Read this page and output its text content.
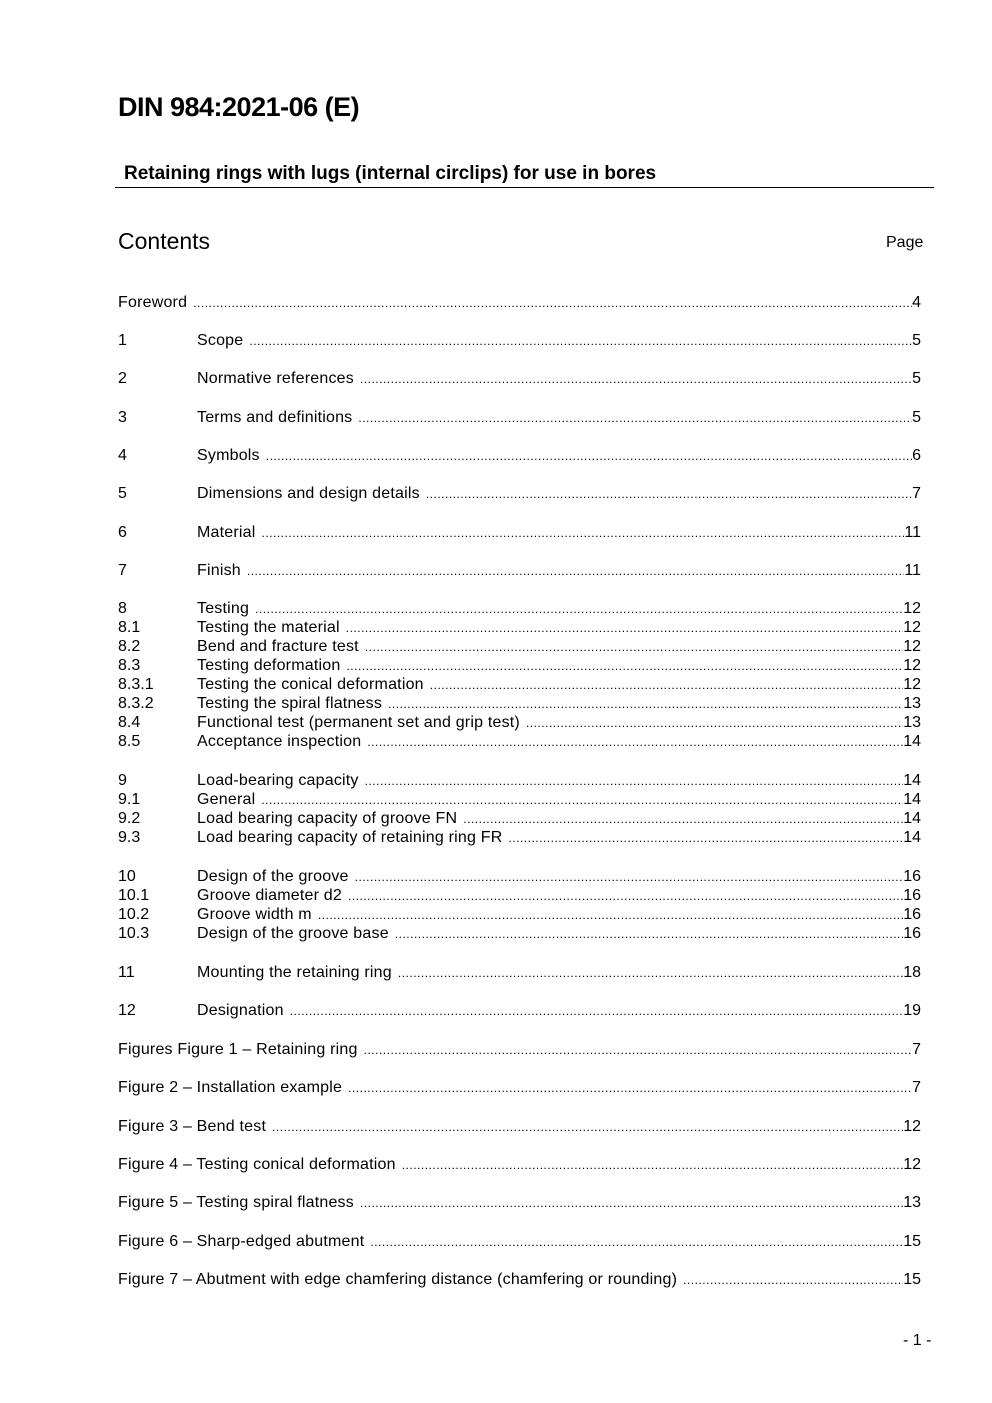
DIN 984:2021-06 (E)
Retaining rings with lugs (internal circlips) for use in bores
Contents	Page
Foreword .....	4
1	Scope .....	5
2	Normative references .....	5
3	Terms and definitions .....	5
4	Symbols .....	6
5	Dimensions and design details .....	7
6	Material .....	11
7	Finish .....	11
8	Testing .....	12
8.1	Testing the material .....	12
8.2	Bend and fracture test .....	12
8.3	Testing deformation .....	12
8.3.1	Testing the conical deformation .....	12
8.3.2	Testing the spiral flatness .....	13
8.4	Functional test (permanent set and grip test) .....	13
8.5	Acceptance inspection .....	14
9	Load-bearing capacity .....	14
9.1	General .....	14
9.2	Load bearing capacity of groove FN .....	14
9.3	Load bearing capacity of retaining ring FR .....	14
10	Design of the groove .....	16
10.1	Groove diameter d2 .....	16
10.2	Groove width m .....	16
10.3	Design of the groove base .....	16
11	Mounting the retaining ring .....	18
12	Designation .....	19
Figures Figure 1 – Retaining ring .....	7
Figure 2 – Installation example .....	7
Figure 3 – Bend test .....	12
Figure 4 – Testing conical deformation .....	12
Figure 5 – Testing spiral flatness .....	13
Figure 6 – Sharp-edged abutment .....	15
Figure 7 – Abutment with edge chamfering distance (chamfering or rounding) .....	15
- 1 -
